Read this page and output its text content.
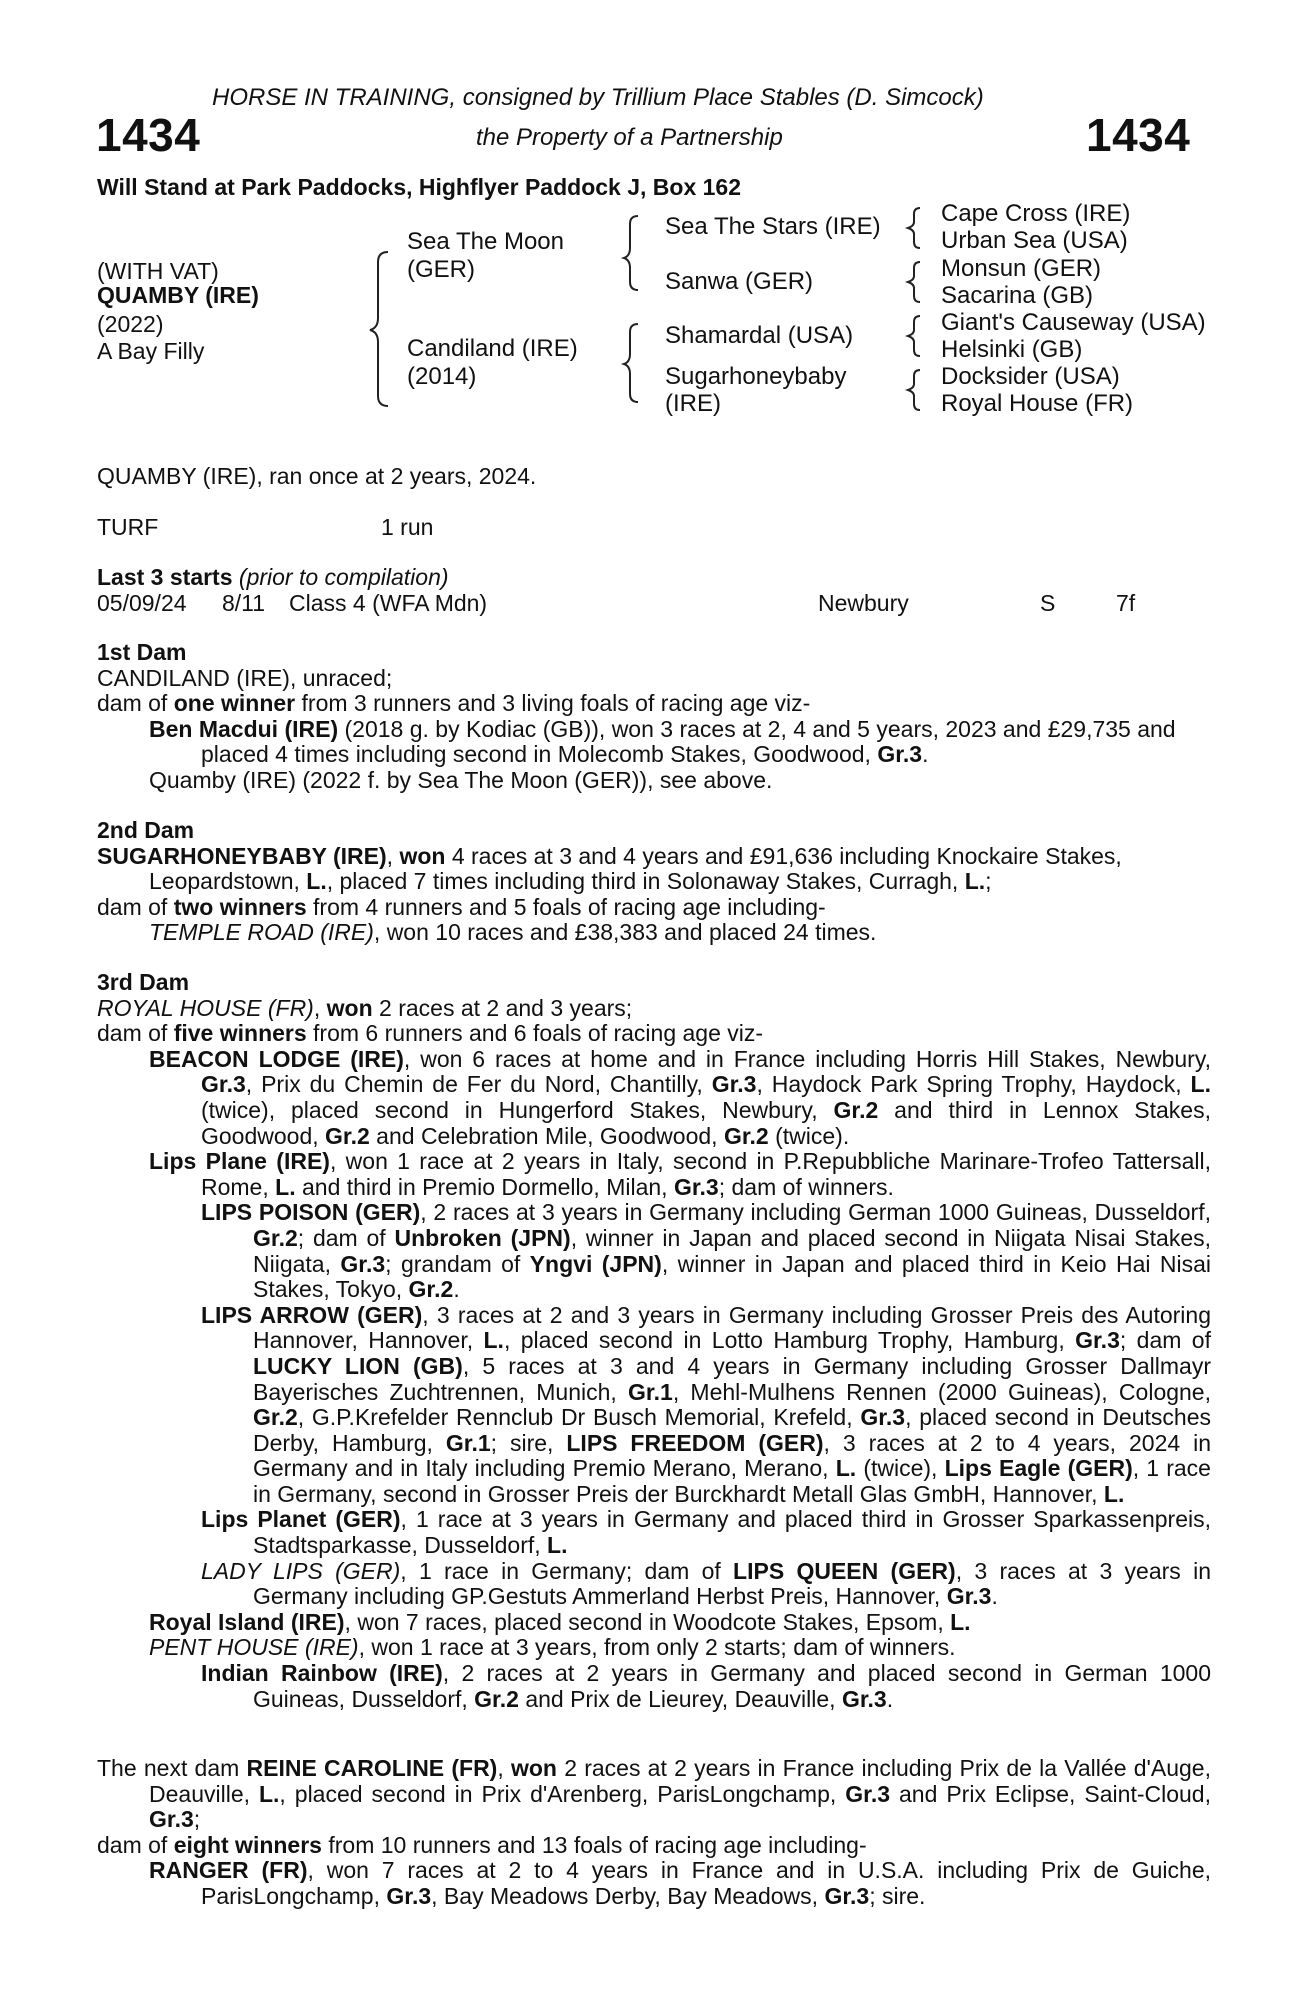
HORSE IN TRAINING, consigned by Trillium Place Stables (D. Simcock)
1434	the Property of a Partnership	1434
Will Stand at Park Paddocks, Highflyer Paddock J, Box 162
(WITH VAT)
QUAMBY (IRE)
(2022)
A Bay Filly
Sea The Moon
(GER)
Candiland (IRE)
(2014)
Sea The Stars (IRE)
Sanwa (GER)
Shamardal (USA)
Sugarhoneybaby
(IRE)
Cape Cross (IRE)
Urban Sea (USA)
Monsun (GER)
Sacarina (GB)
Giant's Causeway (USA)
Helsinki (GB)
Docksider (USA)
Royal House (FR)
QUAMBY (IRE), ran once at 2 years, 2024.
TURF	1 run
Last 3 starts (prior to compilation)
05/09/24 8/11 Class 4 (WFA Mdn)	Newbury	S	7f

1st Dam

CANDILAND (IRE), unraced;

dam of one winner from 3 runners and 3 living foals of racing age viz-

Ben Macdui (IRE) (2018 g. by Kodiac (GB)), won 3 races at 2, 4 and 5 years, 2023 and £29,735 and placed 4 times including second in Molecomb Stakes, Goodwood, Gr.3.

Quamby (IRE) (2022 f. by Sea The Moon (GER)), see above.

2nd Dam

SUGARHONEYBABY (IRE), won 4 races at 3 and 4 years and £91,636 including Knockaire Stakes, Leopardstown, L., placed 7 times including third in Solonaway Stakes, Curragh, L.;

dam of two winners from 4 runners and 5 foals of racing age including-

TEMPLE ROAD (IRE), won 10 races and £38,383 and placed 24 times.

3rd Dam

ROYAL HOUSE (FR), won 2 races at 2 and 3 years;

dam of five winners from 6 runners and 6 foals of racing age viz-

BEACON LODGE (IRE), won 6 races at home and in France including Horris Hill Stakes, Newbury, Gr.3, Prix du Chemin de Fer du Nord, Chantilly, Gr.3, Haydock Park Spring Trophy, Haydock, L. (twice), placed second in Hungerford Stakes, Newbury, Gr.2 and third in Lennox Stakes, Goodwood, Gr.2 and Celebration Mile, Goodwood, Gr.2 (twice).

Lips Plane (IRE), won 1 race at 2 years in Italy, second in P.Repubbliche Marinare-Trofeo Tattersall, Rome, L. and third in Premio Dormello, Milan, Gr.3; dam of winners.

LIPS POISON (GER), 2 races at 3 years in Germany including German 1000 Guineas, Dusseldorf, Gr.2; dam of Unbroken (JPN), winner in Japan and placed second in Niigata Nisai Stakes, Niigata, Gr.3; grandam of Yngvi (JPN), winner in Japan and placed third in Keio Hai Nisai Stakes, Tokyo, Gr.2.

LIPS ARROW (GER), 3 races at 2 and 3 years in Germany including Grosser Preis des Autoring Hannover, Hannover, L., placed second in Lotto Hamburg Trophy, Hamburg, Gr.3; dam of LUCKY LION (GB), 5 races at 3 and 4 years in Germany including Grosser Dallmayr Bayerisches Zuchtrennen, Munich, Gr.1, Mehl-Mulhens Rennen (2000 Guineas), Cologne, Gr.2, G.P.Krefelder Rennclub Dr Busch Memorial, Krefeld, Gr.3, placed second in Deutsches Derby, Hamburg, Gr.1; sire, LIPS FREEDOM (GER), 3 races at 2 to 4 years, 2024 in Germany and in Italy including Premio Merano, Merano, L. (twice), Lips Eagle (GER), 1 race in Germany, second in Grosser Preis der Burckhardt Metall Glas GmbH, Hannover, L.

Lips Planet (GER), 1 race at 3 years in Germany and placed third in Grosser Sparkassenpreis, Stadtsparkasse, Dusseldorf, L.

LADY LIPS (GER), 1 race in Germany; dam of LIPS QUEEN (GER), 3 races at 3 years in Germany including GP.Gestuts Ammerland Herbst Preis, Hannover, Gr.3.

Royal Island (IRE), won 7 races, placed second in Woodcote Stakes, Epsom, L.

PENT HOUSE (IRE), won 1 race at 3 years, from only 2 starts; dam of winners.

Indian Rainbow (IRE), 2 races at 2 years in Germany and placed second in German 1000 Guineas, Dusseldorf, Gr.2 and Prix de Lieurey, Deauville, Gr.3.

The next dam REINE CAROLINE (FR), won 2 races at 2 years in France including Prix de la Vallée d'Auge, Deauville, L., placed second in Prix d'Arenberg, ParisLongchamp, Gr.3 and Prix Eclipse, Saint-Cloud, Gr.3;

dam of eight winners from 10 runners and 13 foals of racing age including-

RANGER (FR), won 7 races at 2 to 4 years in France and in U.S.A. including Prix de Guiche, ParisLongchamp, Gr.3, Bay Meadows Derby, Bay Meadows, Gr.3; sire.
